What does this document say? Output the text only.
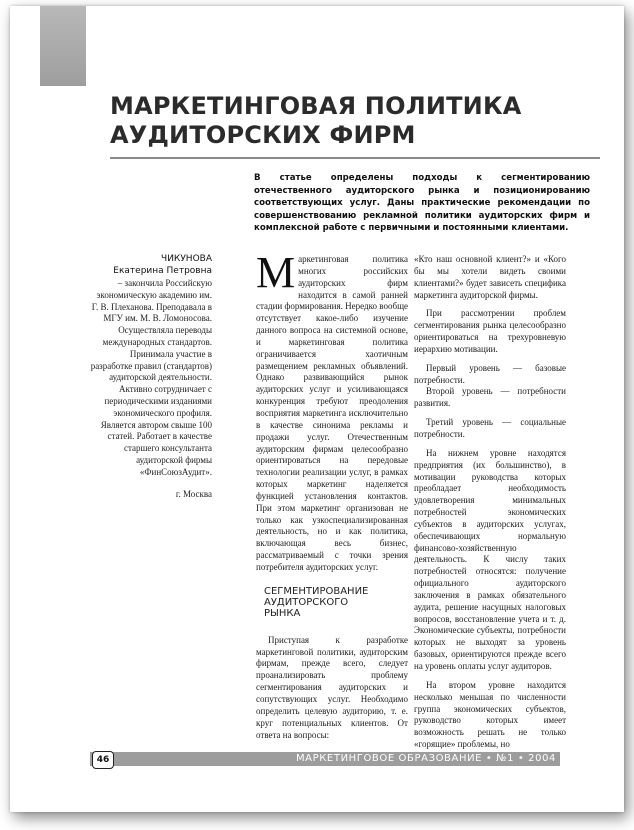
МАРКЕТИНГОВАЯ ПОЛИТИКА
АУДИТОРСКИХ ФИРМ

В статье определены подходы к сегментированию отечественного аудиторского рынка и позиционированию соответствующих услуг. Даны практические рекомендации по совершенствованию рекламной политики аудиторских фирм и комплексной работе с первичными и постоянными клиентами.

ЧИКУНОВА
Екатерина Петровна
– закончила Российскую экономическую академию им. Г. В. Плеханова. Преподавала в МГУ им. М. В. Ломоносова. Осуществляла переводы международных стандартов. Принимала участие в разработке правил (стандартов) аудиторской деятельности. Активно сотрудничает с периодическими изданиями экономического профиля. Является автором свыше 100 статей. Работает в качестве старшего консультанта аудиторской фирмы «ФинСоюзАудит».
г. Москва

Маркетинговая политика многих российских аудиторских фирм находится в самой ранней стадии формирования. Нередко вообще отсутствует какое-либо изучение данного вопроса на системной основе, и маркетинговая политика ограничивается хаотичным размещением рекламных объявлений. Однако развивающийся рынок аудиторских услуг и усиливающаяся конкуренция требуют преодоления восприятия маркетинга исключительно в качестве синонима рекламы и продажи услуг. Отечественным аудиторским фирмам целесообразно ориентироваться на передовые технологии реализации услуг, в рамках которых маркетинг наделяется функцией установления контактов. При этом маркетинг организован не только как узкоспециализированная деятельность, но и как политика, включающая весь бизнес, рассматриваемый с точки зрения потребителя аудиторских услуг.

СЕГМЕНТИРОВАНИЕ
АУДИТОРСКОГО
РЫНКА

Приступая к разработке маркетинговой политики, аудиторским фирмам, прежде всего, следует проанализировать проблему сегментирования аудиторских и сопутствующих услуг. Необходимо определить целевую аудиторию, т. е. круг потенциальных клиентов. От ответа на вопросы:

«Кто наш основной клиент?» и «Кого бы мы хотели видеть своими клиентами?» будет зависеть специфика маркетинга аудиторской фирмы.

При рассмотрении проблем сегментирования рынка целесообразно ориентироваться на трехуровневую иерархию мотивации.

Первый уровень — базовые потребности.

Второй уровень — потребности развития.

Третий уровень — социальные потребности.

На нижнем уровне находятся предприятия (их большинство), в мотивации руководства которых преобладает необходимость удовлетворения минимальных потребностей экономических субъектов в аудиторских услугах, обеспечивающих нормальную финансово-хозяйственную деятельность. К числу таких потребностей относятся: получение официального аудиторского заключения в рамках обязательного аудита, решение насущных налоговых вопросов, восстановление учета и т. д. Экономические субъекты, потребности которых не выходят за уровень базовых, ориентируются прежде всего на уровень оплаты услуг аудиторов.

На втором уровне находится несколько меньшая по численности группа экономических субъектов, руководство которых имеет возможность решать не только «горящие» проблемы, но

46	МАРКЕТИНГОВОЕ ОБРАЗОВАНИЕ • №1 • 2004
